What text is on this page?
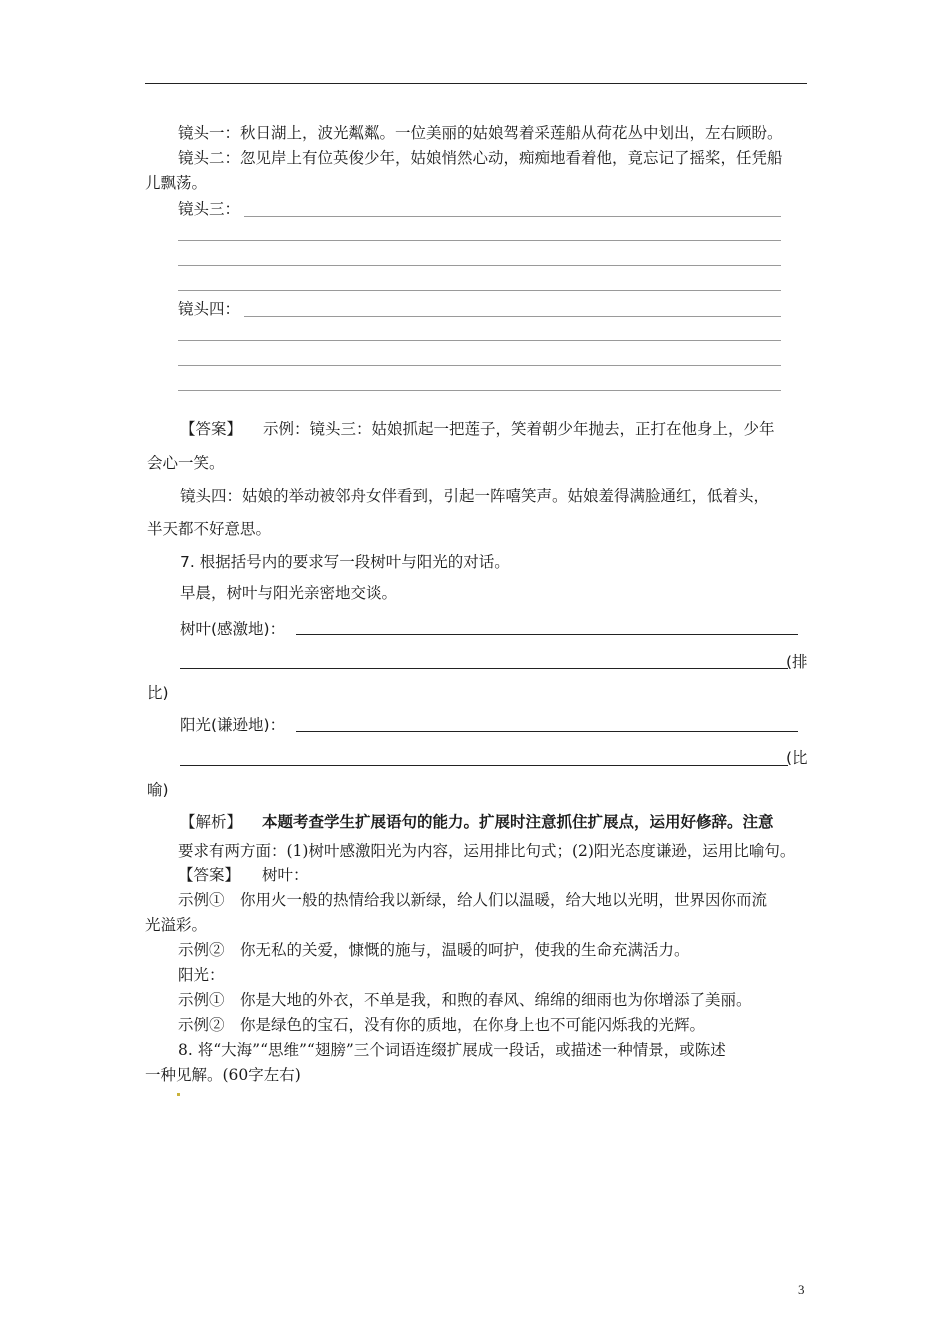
镜头一：秋日湖上，波光粼粼。一位美丽的姑娘驾着采莲船从荷花丛中划出，左右顾盼。
镜头二：忽见岸上有位英俊少年，姑娘悄然心动，痴痴地看着他，竟忘记了摇桨，任凭船
儿飘荡。
镜头三：
镜头四：
【答案】 示例：镜头三：姑娘抓起一把莲子，笑着朝少年抛去，正打在他身上，少年
会心一笑。
镜头四：姑娘的举动被邻舟女伴看到，引起一阵嘻笑声。姑娘羞得满脸通红，低着头，
半天都不好意思。
7. 根据括号内的要求写一段树叶与阳光的对话。
早晨，树叶与阳光亲密地交谈。
树叶(感激地)：
(排
比)
阳光(谦逊地)：
(比
喻)
【解析】 本题考查学生扩展语句的能力。扩展时注意抓住扩展点，运用好修辞。注意
要求有两方面：(1)树叶感激阳光为内容，运用排比句式；(2)阳光态度谦逊，运用比喻句。
【答案】 树叶：
示例①　你用火一般的热情给我以新绿，给人们以温暖，给大地以光明，世界因你而流
光溢彩。
示例②　你无私的关爱，慷慨的施与，温暖的呵护，使我的生命充满活力。
阳光：
示例①　你是大地的外衣，不单是我，和煦的春风、绵绵的细雨也为你增添了美丽。
示例②　你是绿色的宝石，没有你的质地，在你身上也不可能闪烁我的光辉。
8. 将“大海”“思维”“翅膀”三个词语连缀扩展成一段话，或描述一种情景，或陈述
一种见解。(60字左右)
3
